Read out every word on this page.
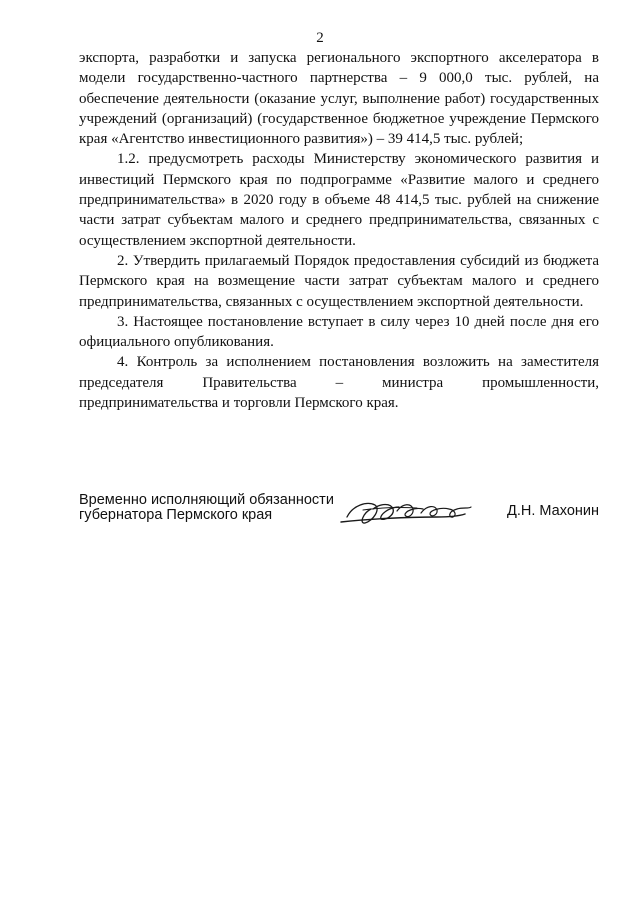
2

экспорта, разработки и запуска регионального экспортного акселератора в модели государственно-частного партнерства – 9 000,0 тыс. рублей, на обеспечение деятельности (оказание услуг, выполнение работ) государственных учреждений (организаций) (государственное бюджетное учреждение Пермского края «Агентство инвестиционного развития») – 39 414,5 тыс. рублей;

1.2. предусмотреть расходы Министерству экономического развития и инвестиций Пермского края по подпрограмме «Развитие малого и среднего предпринимательства» в 2020 году в объеме 48 414,5 тыс. рублей на снижение части затрат субъектам малого и среднего предпринимательства, связанных с осуществлением экспортной деятельности.

2. Утвердить прилагаемый Порядок предоставления субсидий из бюджета Пермского края на возмещение части затрат субъектам малого и среднего предпринимательства, связанных с осуществлением экспортной деятельности.

3. Настоящее постановление вступает в силу через 10 дней после дня его официального опубликования.

4. Контроль за исполнением постановления возложить на заместителя председателя Правительства – министра промышленности, предпринимательства и торговли Пермского края.

Временно исполняющий обязанности
губернатора Пермского края	Д.Н. Махонин
